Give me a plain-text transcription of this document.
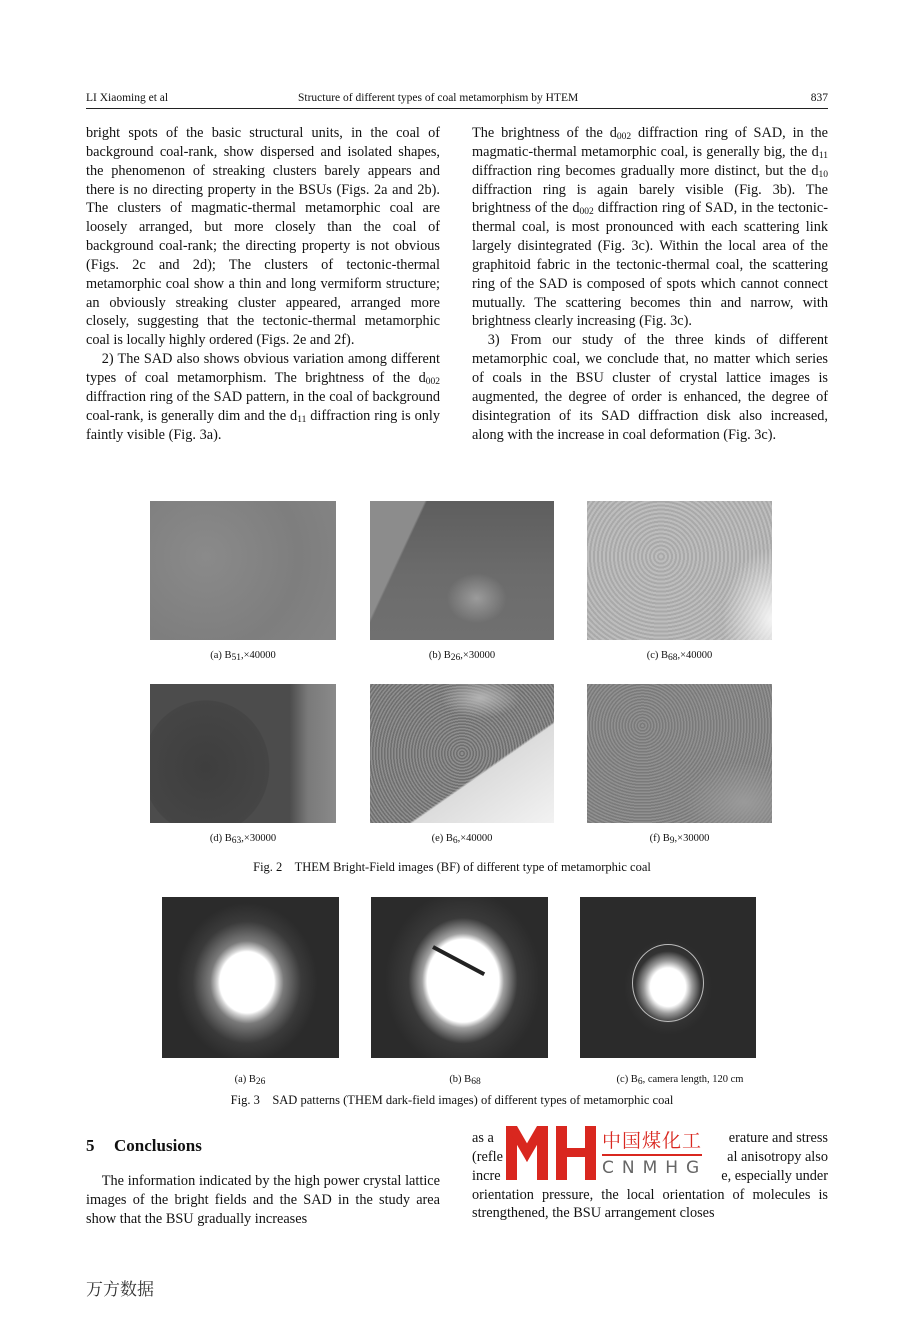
LI Xiaoming et al	Structure of different types of coal metamorphism by HTEM	837

bright spots of the basic structural units, in the coal of background coal-rank, show dispersed and isolated shapes, the phenomenon of streaking clusters barely appears and there is no directing property in the BSUs (Figs. 2a and 2b). The clusters of magmatic-thermal metamorphic coal are loosely arranged, but more closely than the coal of background coal-rank; the directing property is not obvious (Figs. 2c and 2d); The clusters of tectonic-thermal metamorphic coal show a thin and long vermiform structure; an obviously streaking cluster appeared, arranged more closely, suggesting that the tectonic-thermal metamorphic coal is locally highly ordered (Figs. 2e and 2f).

2) The SAD also shows obvious variation among different types of coal metamorphism. The brightness of the $d_{002}$ diffraction ring of the SAD pattern, in the coal of background coal-rank, is generally dim and the $d_{11}$ diffraction ring is only faintly visible (Fig. 3a).

The brightness of the $d_{002}$ diffraction ring of SAD, in the magmatic-thermal metamorphic coal, is generally big, the $d_{11}$ diffraction ring becomes gradually more distinct, but the $d_{10}$ diffraction ring is again barely visible (Fig. 3b). The brightness of the $d_{002}$ diffraction ring of SAD, in the tectonic-thermal coal, is most pronounced with each scattering link largely disintegrated (Fig. 3c). Within the local area of the graphitoid fabric in the tectonic-thermal coal, the scattering ring of the SAD is composed of spots which cannot connect mutually. The scattering becomes thin and narrow, with brightness clearly increasing (Fig. 3c).

3) From our study of the three kinds of different metamorphic coal, we conclude that, no matter which series of coals in the BSU cluster of crystal lattice images is augmented, the degree of order is enhanced, the degree of disintegration of its SAD diffraction disk also increased, along with the increase in coal deformation (Fig. 3c).

(a) $B_{51},\times 40000$	(b) $B_{26},\times 30000$	(c) $B_{68},\times 40000$
(d) $B_{63},\times 30000$	(e) $B_6,\times 40000$	(f) $B_9,\times 30000$
Fig. 2    THEM Bright-Field images (BF) of different type of metamorphic coal
(a) $B_{26}$	(b) $B_{68}$	(c) $B_6$, camera length, 120 cm
Fig. 3    SAD patterns (THEM dark-field images) of different types of metamorphic coal
5 Conclusions

The information indicated by the high power crystal lattice images of the bright fields and the SAD in the study area show that the BSU gradually increases

as a	erature and stress
(refle	al anisotropy also
incre	e, especially under

orientation pressure, the local orientation of molecules is strengthened, the BSU arrangement closes

中国煤化工
CNMHG
万方数据
